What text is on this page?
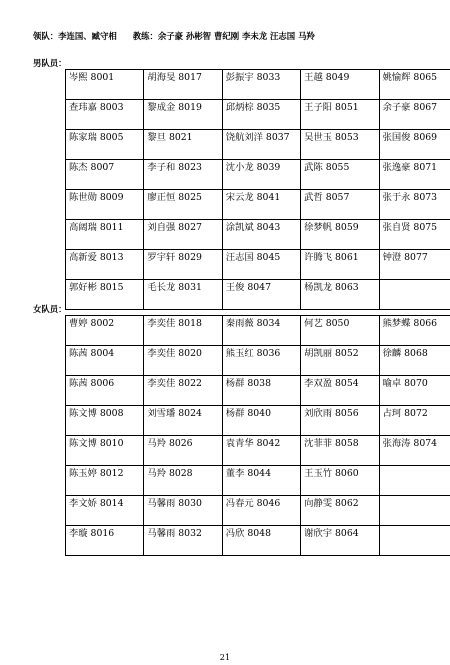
领队：李连国、臧守相 教练：余子豪 孙彬智 曹纪刚 李未龙 汪志国 马羚
男队员：
岑熙 8001	胡海旻 8017	彭振宇 8033	王越 8049	姚愉辉 8065
查玮嘉 8003	黎成金 8019	邱炳棕 8035	王子阳 8051	余子豪 8067
陈家瑞 8005	黎旦 8021	饶航刘洋 8037	吴世玉 8053	张国俊 8069
陈杰 8007	李子和 8023	沈小龙 8039	武陈 8055	张逸豪 8071
陈世勋 8009	廖正恒 8025	宋云龙 8041	武哲 8057	张于永 8073
高阔瑞 8011	刘自强 8027	涂凯斌 8043	徐梦帆 8059	张自贤 8075
高新爱 8013	罗宇轩 8029	汪志国 8045	许腾飞 8061	钟澄 8077
郭好彬 8015	毛长龙 8031	王俊 8047	杨凯龙 8063	
女队员：
曹婷 8002	李奕佳 8018	秦雨薇 8034	何艺 8050	熊梦蝶 8066
陈茜 8004	李奕佳 8020	熊玉红 8036	胡凯丽 8052	徐麟 8068
陈茜 8006	李奕佳 8022	杨群 8038	李双盈 8054	喻卓 8070
陈文博 8008	刘雪璠 8024	杨群 8040	刘欣雨 8056	占珂 8072
陈文博 8010	马羚 8026	袁青华 8042	沈菲菲 8058	张海涛 8074
陈玉婷 8012	马羚 8028	董李 8044	王玉竹 8060	
李文娇 8014	马馨雨 8030	冯春元 8046	向静雯 8062	
李璇 8016	马馨雨 8032	冯欣 8048	谢欣宇 8064	
21
